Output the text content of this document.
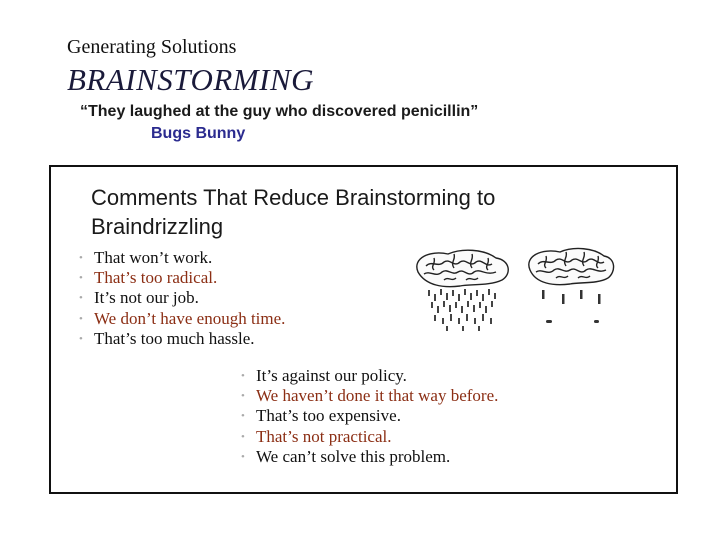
Generating Solutions
BRAINSTORMING
“They laughed at the guy who discovered penicillin”
Bugs Bunny
Comments That Reduce Brainstorming to Braindrizzling
• That won’t work.
• That’s too radical.
• It’s not our job.
• We don’t have enough time.
• That’s too much hassle.
• It’s against our policy.
• We haven’t done it that way before.
• That’s too expensive.
• That’s not practical.
• We can’t solve this problem.
